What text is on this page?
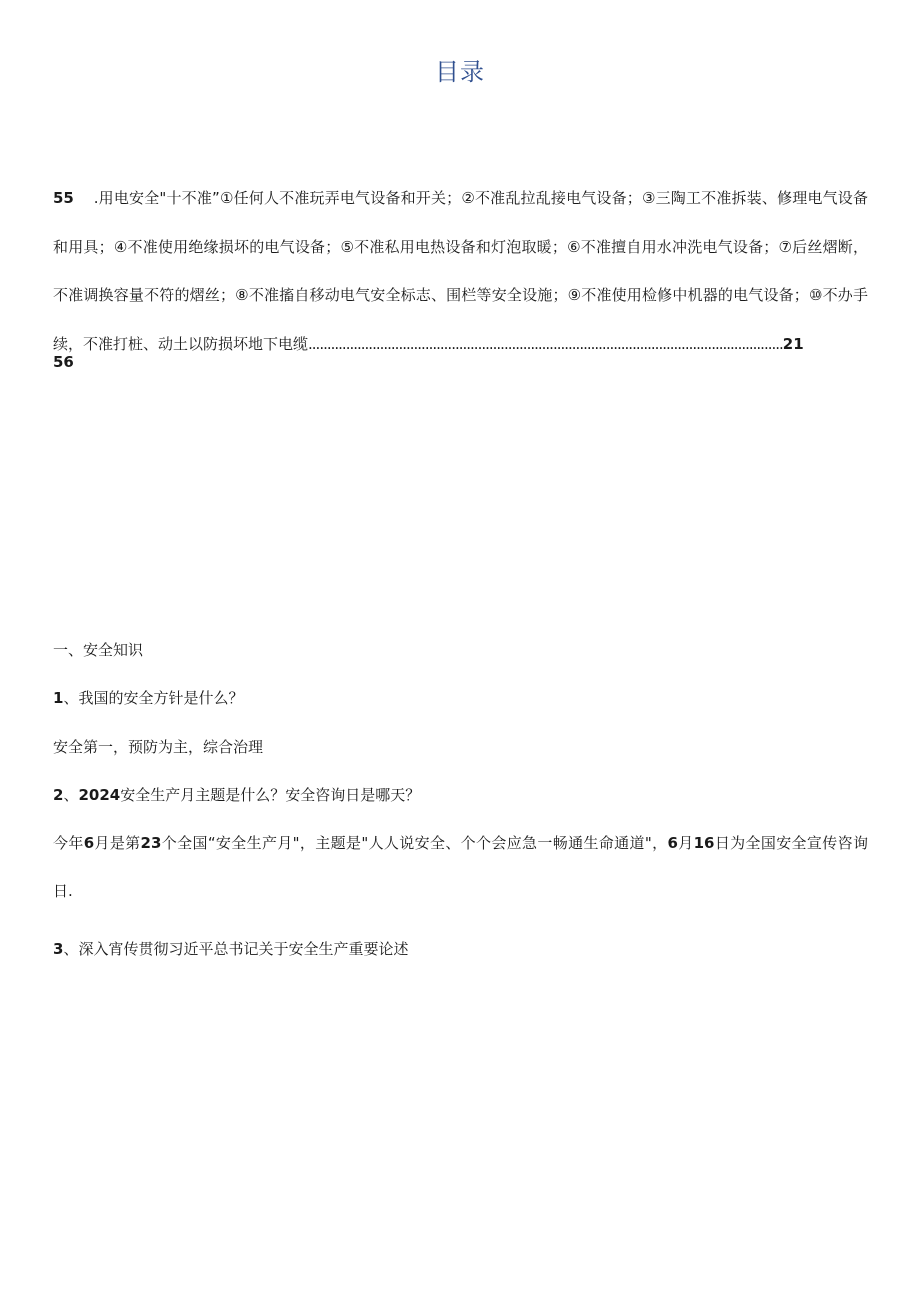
目录
55 .用电安全"十不准”①任何人不准玩弄电气设备和开关；②不准乱拉乱接电气设备；③三陶工不准拆装、修理电气设备和用具；④不准使用绝缘损坏的电气设备；⑤不准私用电热设备和灯泡取暖；⑥不准擅自用水冲洗电气设备；⑦后丝熠断，不准调换容量不符的熠丝；⑧不准搐自移动电气安全标志、围栏等安全设施；⑨不准使用检修中机器的电气设备；⑩不办手续，不准打桩、动土以防损坏地下电缆..............................................................................................................................21
56
一、安全知识
1、我国的安全方针是什么？
安全第一，预防为主，综合治理
2、2024安全生产月主题是什么？安全咨询日是哪天？
今年6月是第23个全国“安全生产月"，主题是"人人说安全、个个会应急一畅通生命通道"，6月16日为全国安全宣传咨询日.
3、深入宵传贯彻习近平总书记关于安全生产重要论述
